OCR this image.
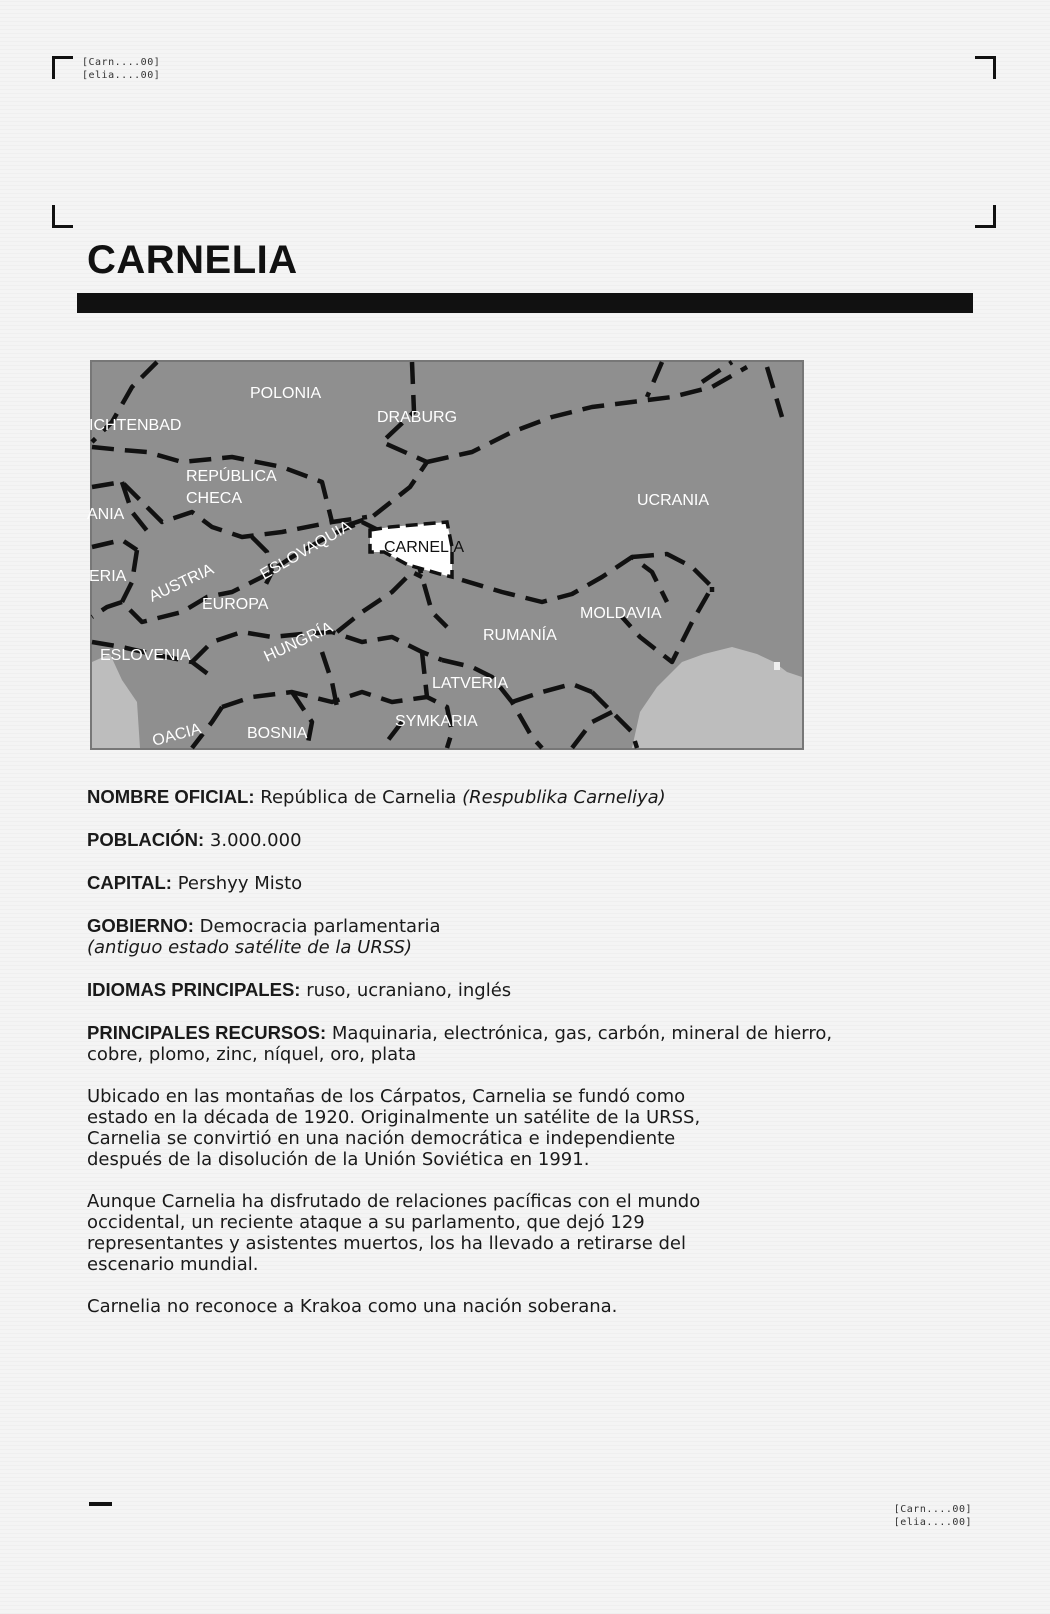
[Carn....00]
[elia....00]
CARNELIA
POLONIA
ICHTENBAD	DRABURG
REPÚBLICA
CHECA	UCRANIA
ANIA
ESLOVAQUIA CARNELIA
ERIA AUSTRIA
EUROPA
MOLDAVIA
RUMANÍA
ESLOVENIA	HUNGRÍA
LATVERIA
SYMKARIA
OACIA	BOSNIA

NOMBRE OFICIAL: República de Carnelia (Respublika Carneliya)

POBLACIÓN: 3.000.000

CAPITAL: Pershyy Misto

GOBIERNO: Democracia parlamentaria
(antiguo estado satélite de la URSS)

IDIOMAS PRINCIPALES: ruso, ucraniano, inglés

PRINCIPALES RECURSOS: Maquinaria, electrónica, gas, carbón, mineral de hierro, cobre, plomo, zinc, níquel, oro, plata

Ubicado en las montañas de los Cárpatos, Carnelia se fundó como estado en la década de 1920. Originalmente un satélite de la URSS, Carnelia se convirtió en una nación democrática e independiente después de la disolución de la Unión Soviética en 1991.

Aunque Carnelia ha disfrutado de relaciones pacíficas con el mundo occidental, un reciente ataque a su parlamento, que dejó 129 representantes y asistentes muertos, los ha llevado a retirarse del escenario mundial.

Carnelia no reconoce a Krakoa como una nación soberana.

[Carn....00]
[elia....00]
